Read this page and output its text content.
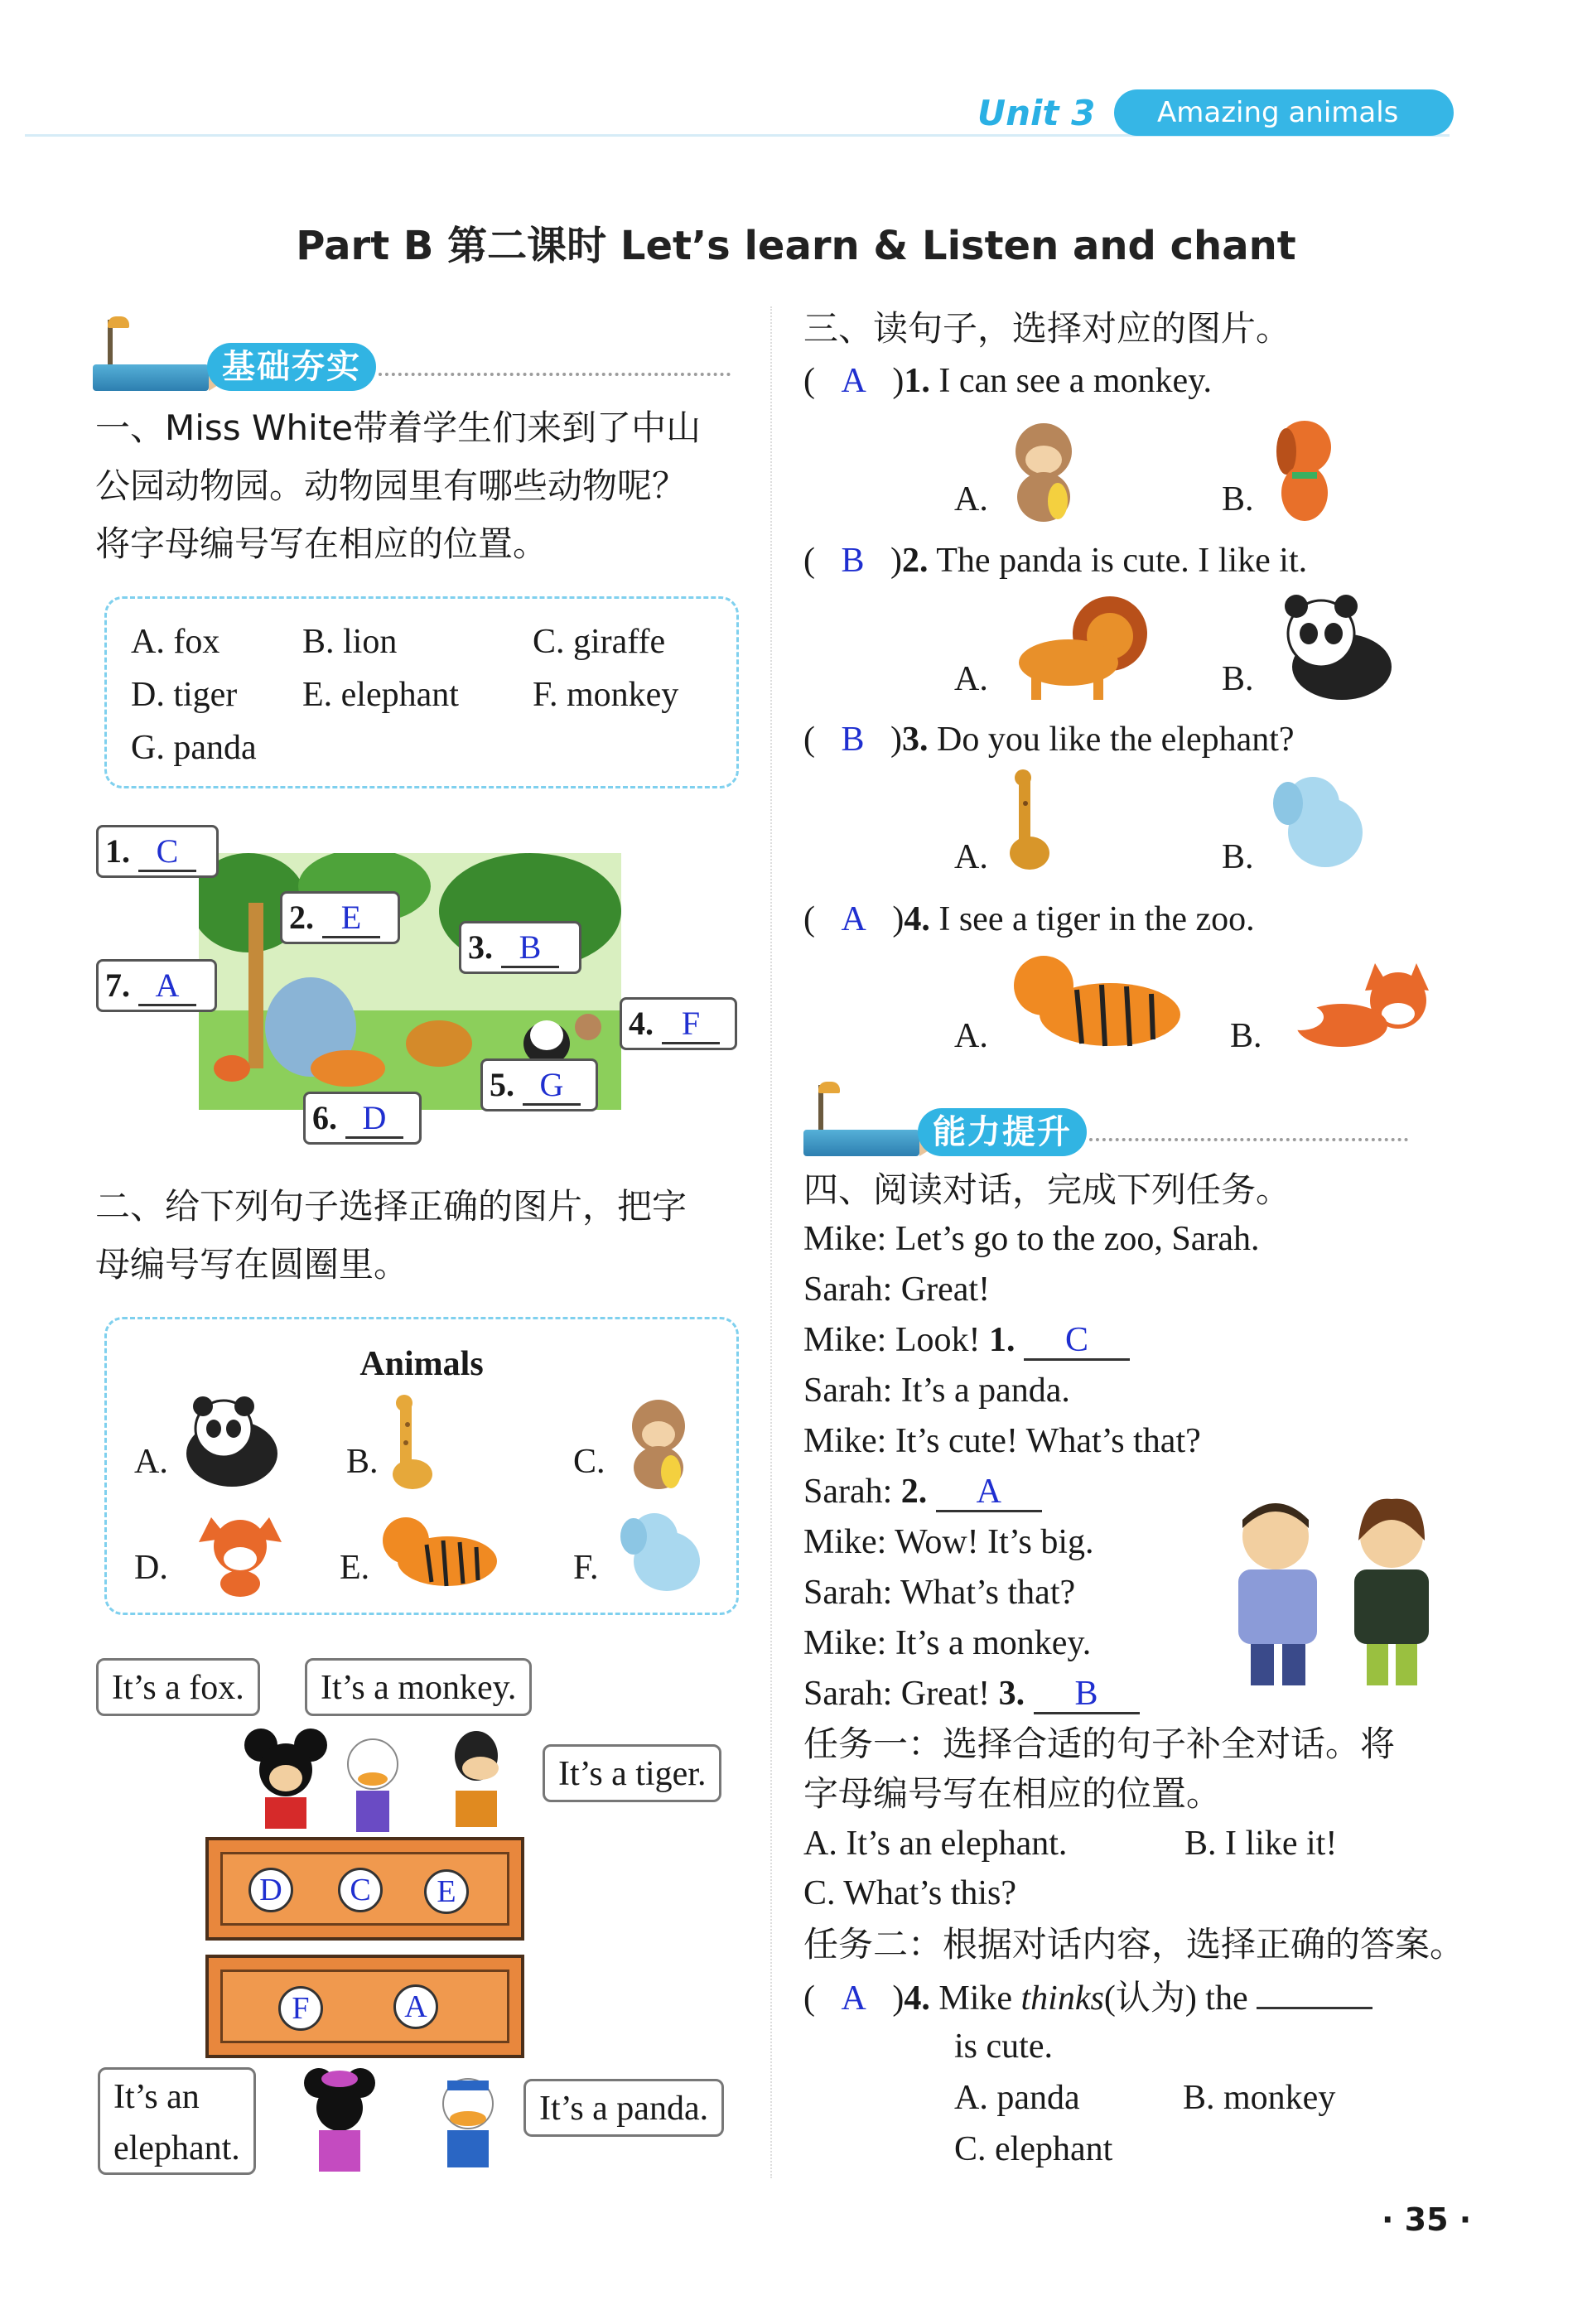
Unit 3	Amazing animals
Part B 第二课时 Let’s learn & Listen and chant
基础夯实
一、Miss White带着学生们来到了中山
公园动物园。动物园里有哪些动物呢？
将字母编号写在相应的位置。
A. fox B. lion	C. giraffe
D. tiger E. elephant F. monkey
G. panda
1. C
2. E
3. B
4. F
5. G
6. D
7. A
二、给下列句子选择正确的图片，把字
母编号写在圆圈里。
Animals
A.	B.	C.
D.	E.	F.
It’s a fox.	It’s a monkey.
It’s a tiger.
It’s an
elephant.
It’s a panda.
D	C	E
F	A
三、读句子，选择对应的图片。
(   A   )1. I can see a monkey.
A.	B.
(   B   )2. The panda is cute. I like it.
A.	B.
(   B   )3. Do you like the elephant?
A.	B.
(   A   )4. I see a tiger in the zoo.
A.	B.
能力提升
四、阅读对话，完成下列任务。
Mike: Let’s go to the zoo, Sarah.
Sarah: Great!
Mike: Look! 1. C
Sarah: It’s a panda.
Mike: It’s cute! What’s that?
Sarah: 2. A
Mike: Wow! It’s big.
Sarah: What’s that?
Mike: It’s a monkey.
Sarah: Great! 3. B
任务一：选择合适的句子补全对话。将
字母编号写在相应的位置。
A. It’s an elephant.	B. I like it!
C. What’s this?
任务二：根据对话内容，选择正确的答案。
(   A   )4. Mike thinks(认为) the
is cute.
A. panda	B. monkey
C. elephant
· 35 ·
